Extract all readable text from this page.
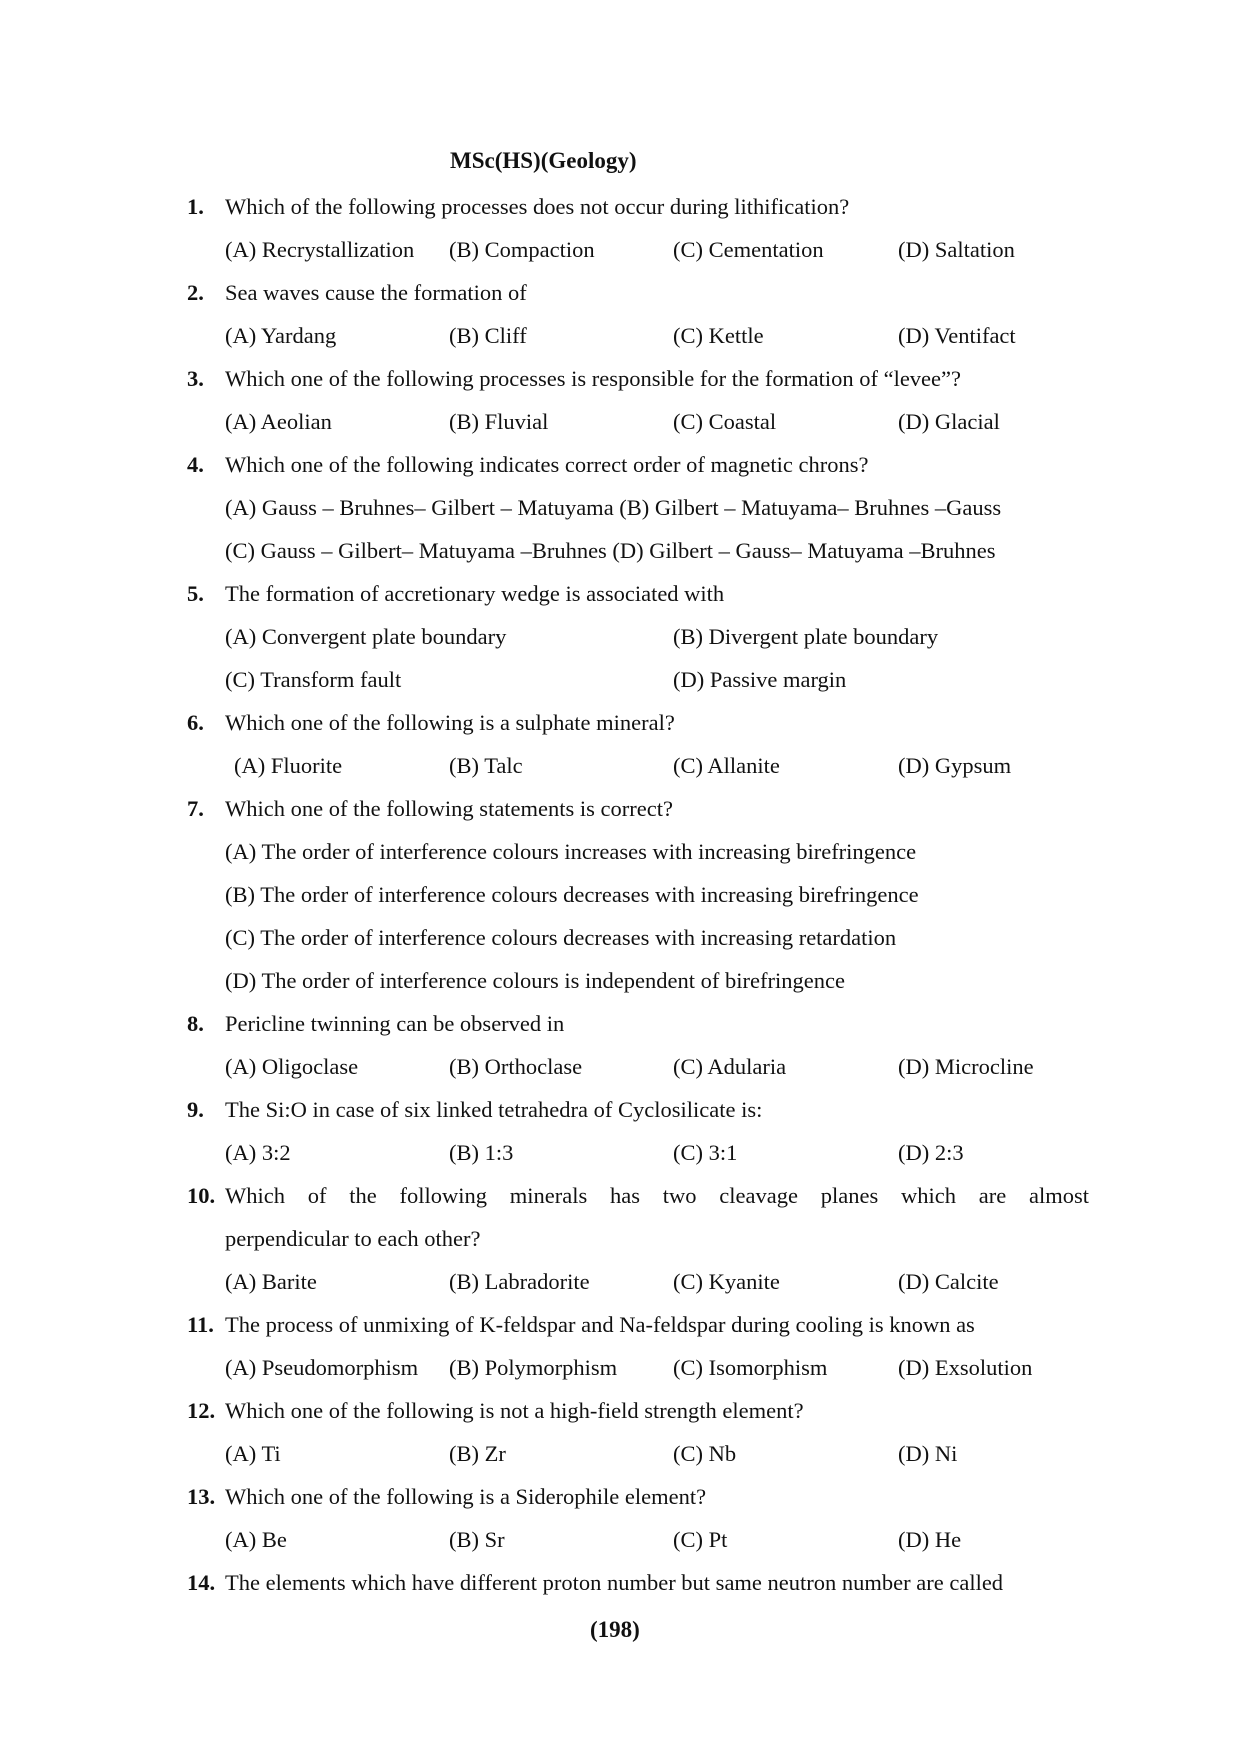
MSc(HS)(Geology)
1. Which of the following processes does not occur during lithification?
(A) Recrystallization (B) Compaction	(C) Cementation	(D) Saltation
2. Sea waves cause the formation of
(A) Yardang	(B) Cliff	(C) Kettle	(D) Ventifact
3. Which one of the following processes is responsible for the formation of “levee”?
(A) Aeolian	(B) Fluvial	(C) Coastal	(D) Glacial
4. Which one of the following indicates correct order of magnetic chrons?
(A) Gauss – Bruhnes– Gilbert – Matuyama (B) Gilbert – Matuyama– Bruhnes –Gauss
(C) Gauss – Gilbert– Matuyama –Bruhnes (D) Gilbert – Gauss– Matuyama –Bruhnes
5. The formation of accretionary wedge is associated with
(A) Convergent plate boundary	(B) Divergent plate boundary
(C) Transform fault	(D) Passive margin
6. Which one of the following is a sulphate mineral?
(A) Fluorite	(B) Talc	(C) Allanite	(D) Gypsum
7. Which one of the following statements is correct?
(A) The order of interference colours increases with increasing birefringence
(B) The order of interference colours decreases with increasing birefringence
(C) The order of interference colours decreases with increasing retardation
(D) The order of interference colours is independent of birefringence
8. Pericline twinning can be observed in
(A) Oligoclase	(B) Orthoclase	(C) Adularia	(D) Microcline
9. The Si:O in case of six linked tetrahedra of Cyclosilicate is:
(A) 3:2	(B) 1:3	(C) 3:1	(D) 2:3
10. Which of the following minerals has two cleavage planes which are almost
perpendicular to each other?
(A) Barite	(B) Labradorite	(C) Kyanite	(D) Calcite
11. The process of unmixing of K-feldspar and Na-feldspar during cooling is known as
(A) Pseudomorphism (B) Polymorphism (C) Isomorphism	(D) Exsolution
12. Which one of the following is not a high-field strength element?
(A) Ti	(B) Zr	(C) Nb	(D) Ni
13. Which one of the following is a Siderophile element?
(A) Be	(B) Sr	(C) Pt	(D) He
14. The elements which have different proton number but same neutron number are called
(198)
